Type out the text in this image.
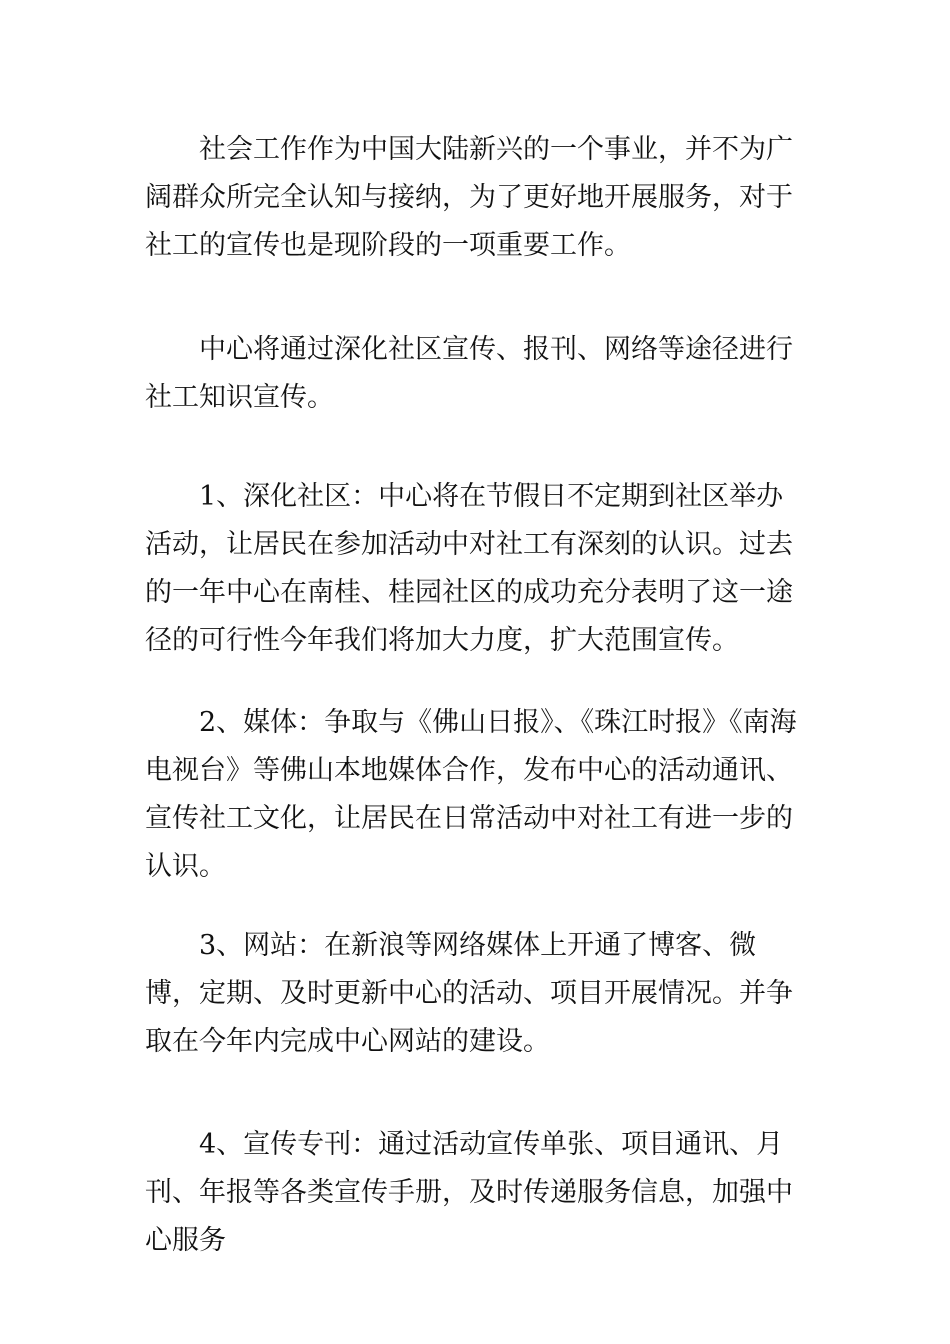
社会工作作为中国大陆新兴的一个事业，并不为广阔群众所完全认知与接纳，为了更好地开展服务，对于社工的宣传也是现阶段的一项重要工作。

中心将通过深化社区宣传、报刊、网络等途径进行社工知识宣传。

1、深化社区：中心将在节假日不定期到社区举办活动，让居民在参加活动中对社工有深刻的认识。过去的一年中心在南桂、桂园社区的成功充分表明了这一途径的可行性今年我们将加大力度，扩大范围宣传。

2、媒体：争取与《佛山日报》、《珠江时报》《南海电视台》等佛山本地媒体合作，发布中心的活动通讯、宣传社工文化，让居民在日常活动中对社工有进一步的认识。

3、网站：在新浪等网络媒体上开通了博客、微博，定期、及时更新中心的活动、项目开展情况。并争取在今年内完成中心网站的建设。

4、宣传专刊：通过活动宣传单张、项目通讯、月刊、年报等各类宣传手册，及时传递服务信息，加强中心服务
